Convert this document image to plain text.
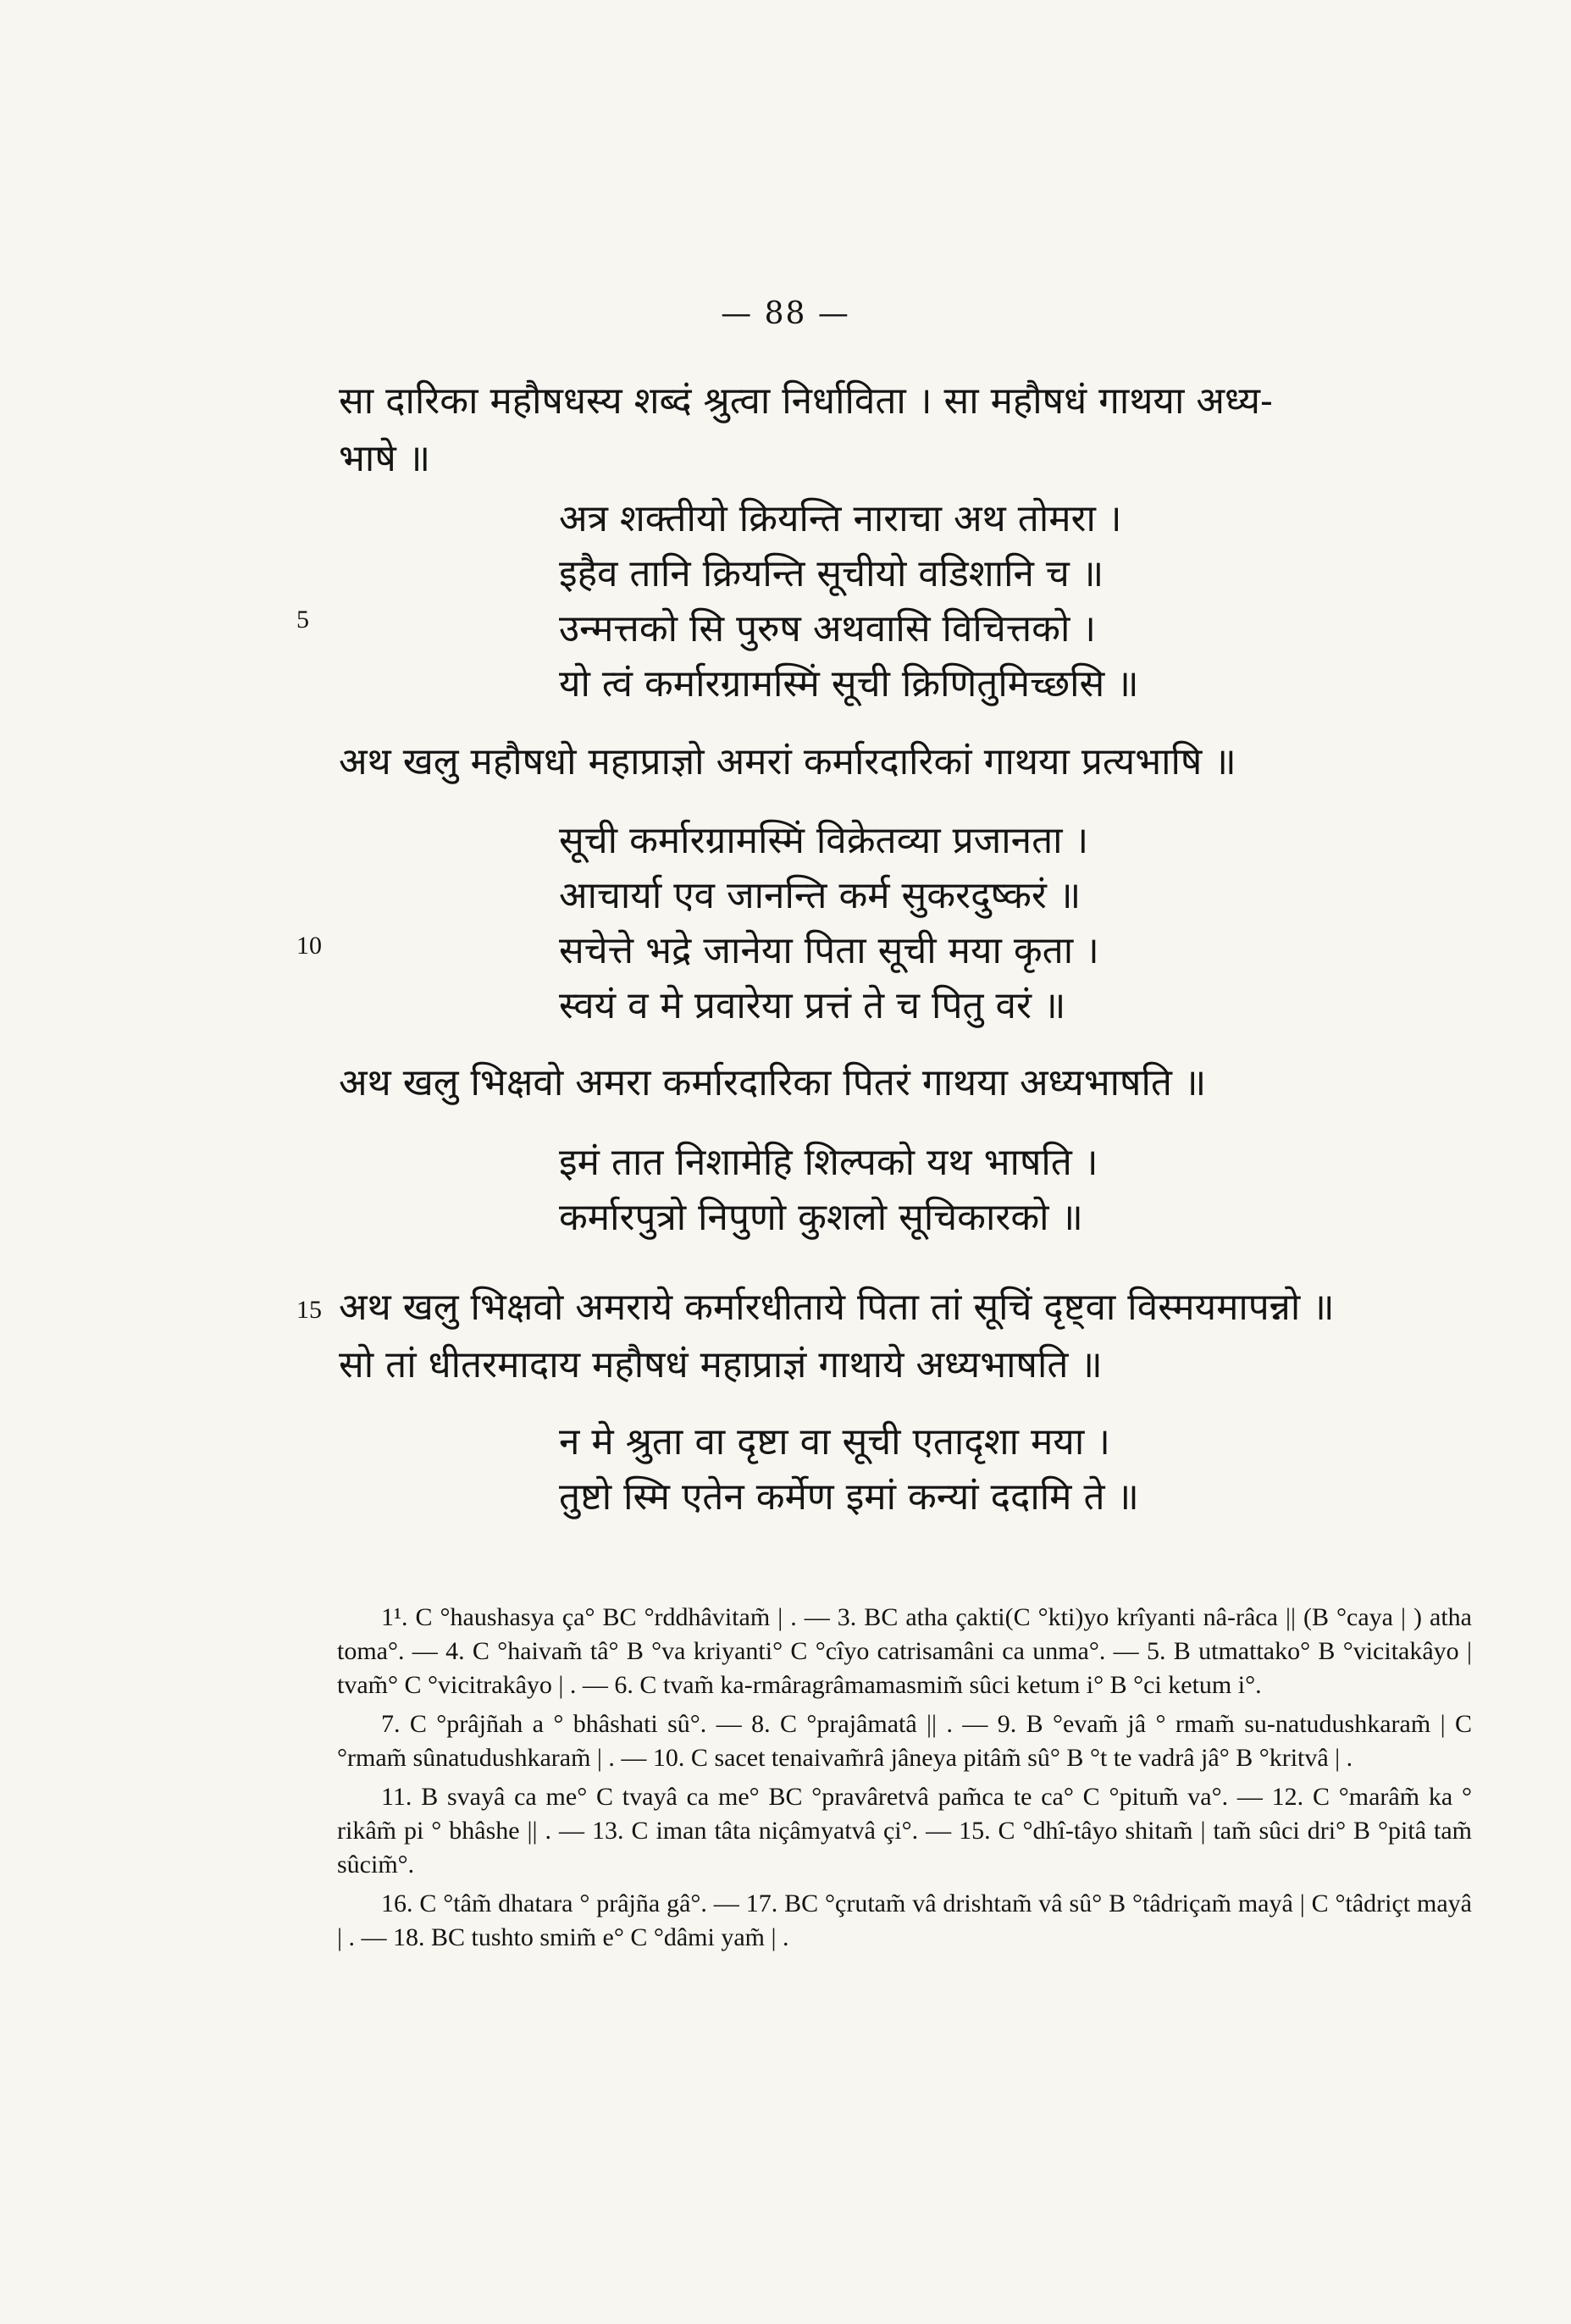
— 88 —
सा दारिका महौषधस्य शब्दं श्रुत्वा निर्धाविता । सा महौषधं गाथया अध्य-
भाषे ॥
अत्र शक्तीयो क्रियन्ति नाराचा अथ तोमरा ।
इहैव तानि क्रियन्ति सूचीयो वडिशानि च ॥
उन्मत्तको सि पुरुष अथवासि विचित्तको ।
यो त्वं कर्मारग्रामस्मिं सूची क्रिणितुमिच्छसि ॥
5
अथ खलु महौषधो महाप्राज्ञो अमरां कर्मारदारिकां गाथया प्रत्यभाषि ॥
सूची कर्मारग्रामस्मिं विक्रेतव्या प्रजानता ।
आचार्या एव जानन्ति कर्म सुकरदुष्करं ॥
सचेत्ते भद्रे जानेया पिता सूची मया कृता ।
स्वयं व मे प्रवारेया प्रत्तं ते च पितु वरं ॥
10
अथ खलु भिक्षवो अमरा कर्मारदारिका पितरं गाथया अध्यभाषति ॥
इमं तात निशामेहि शिल्पको यथ भाषति ।
कर्मारपुत्रो निपुणो कुशलो सूचिकारको ॥
अथ खलु भिक्षवो अमराये कर्मारधीताये पिता तां सूचिं दृष्ट्वा विस्मयमापन्नो ॥
सो तां धीतरमादाय महौषधं महाप्राज्ञं गाथाये अध्यभाषति ॥
15
न मे श्रुता वा दृष्टा वा सूची एतादृशा मया ।
तुष्टो स्मि एतेन कर्मेण इमां कन्यां ददामि ते ॥

1¹. C °haushasya ça° BC °rddhâvitam̃ | . — 3. BC atha çakti(C °kti)yo krîyanti nâ-râca || (B °caya | ) atha toma°. — 4. C °haivam̃ tâ° B °va kriyanti° C °cîyo catrisamâni ca unma°. — 5. B utmattako° B °vicitakâyo | tvam̃° C °vicitrakâyo | . — 6. C tvam̃ ka-rmâragrâmamasmim̃ sûci ketum i° B °ci ketum i°.

7. C °prâjñah a ° bhâshati sû°. — 8. C °prajâmatâ || . — 9. B °evam̃ jâ ° rmam̃ su-natudushkaram̃ | C °rmam̃ sûnatudushkaram̃ | . — 10. C sacet tenaivam̃râ jâneya pitâm̃ sû° B °t te vadrâ jâ° B °kritvâ | .

11. B svayâ ca me° C tvayâ ca me° BC °pravâretvâ pam̃ca te ca° C °pitum̃ va°. — 12. C °marâm̃ ka ° rikâm̃ pi ° bhâshe || . — 13. C iman tâta niçâmyatvâ çi°. — 15. C °dhî-tâyo shitam̃ | tam̃ sûci dri° B °pitâ tam̃ sûcim̃°.

16. C °tâm̃ dhatara ° prâjña gâ°. — 17. BC °çrutam̃ vâ drishtam̃ vâ sû° B °tâdriçam̃ mayâ | C °tâdriçt mayâ | . — 18. BC tushto smim̃ e° C °dâmi yam̃ | .
